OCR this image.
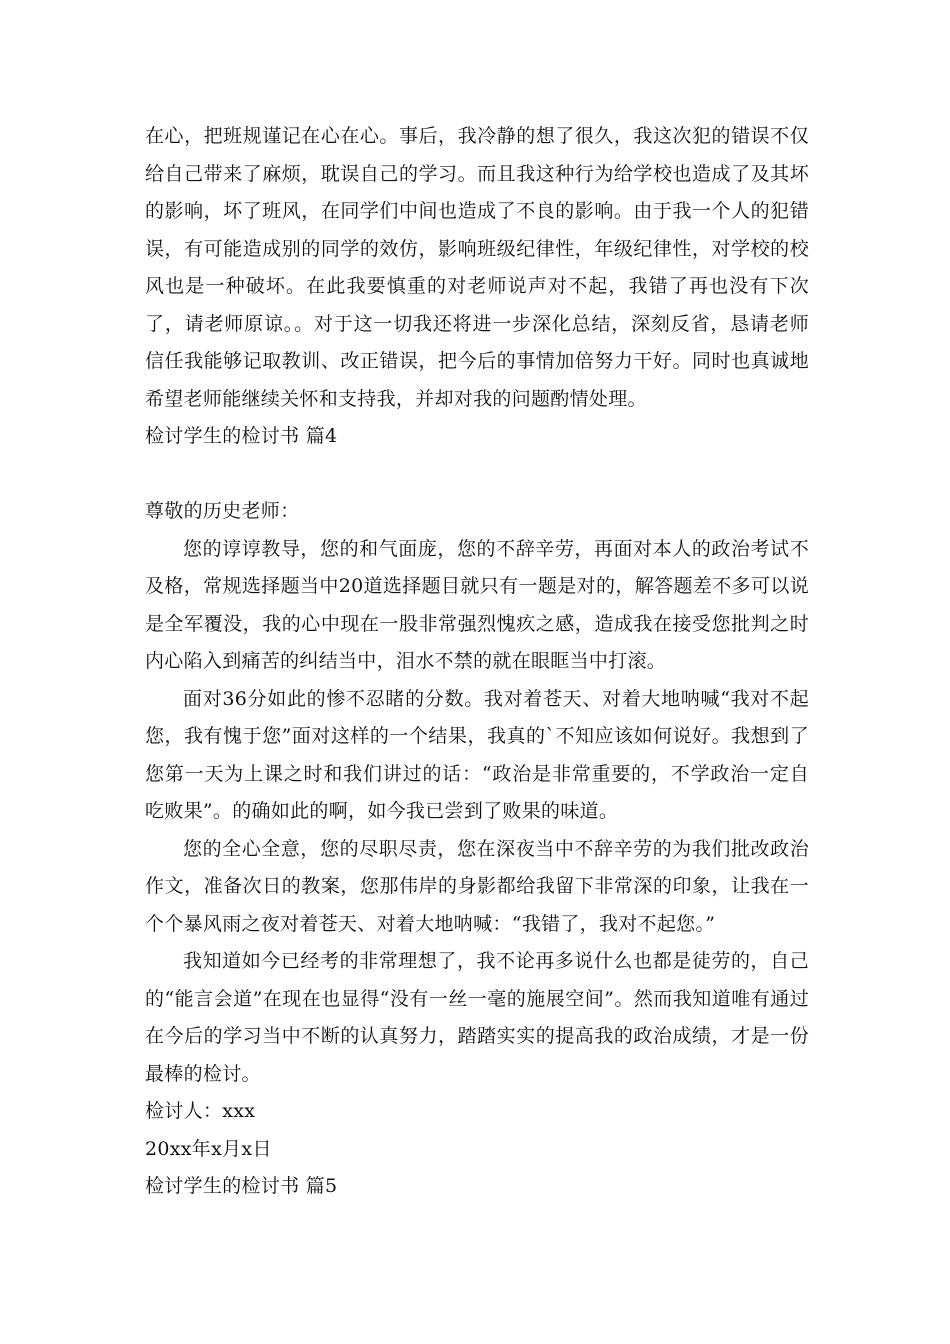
在心，把班规谨记在心在心。事后，我冷静的想了很久，我这次犯的错误不仅给自己带来了麻烦，耽误自己的学习。而且我这种行为给学校也造成了及其坏的影响，坏了班风，在同学们中间也造成了不良的影响。由于我一个人的犯错误，有可能造成别的同学的效仿，影响班级纪律性，年级纪律性，对学校的校风也是一种破坏。在此我要慎重的对老师说声对不起，我错了再也没有下次了，请老师原谅。。对于这一切我还将进一步深化总结，深刻反省，恳请老师信任我能够记取教训、改正错误，把今后的事情加倍努力干好。同时也真诚地希望老师能继续关怀和支持我，并却对我的问题酌情处理。

检讨学生的检讨书 篇4

尊敬的历史老师：

您的谆谆教导，您的和气面庞，您的不辞辛劳，再面对本人的政治考试不及格，常规选择题当中20道选择题目就只有一题是对的，解答题差不多可以说是全军覆没，我的心中现在一股非常强烈愧疚之感，造成我在接受您批判之时内心陷入到痛苦的纠结当中，泪水不禁的就在眼眶当中打滚。

面对36分如此的惨不忍睹的分数。我对着苍天、对着大地呐喊“我对不起您，我有愧于您”面对这样的一个结果，我真的`不知应该如何说好。我想到了您第一天为上课之时和我们讲过的话：“政治是非常重要的，不学政治一定自吃败果”。的确如此的啊，如今我已尝到了败果的味道。

您的全心全意，您的尽职尽责，您在深夜当中不辞辛劳的为我们批改政治作文，准备次日的教案，您那伟岸的身影都给我留下非常深的印象，让我在一个个暴风雨之夜对着苍天、对着大地呐喊：“我错了，我对不起您。”

我知道如今已经考的非常理想了，我不论再多说什么也都是徒劳的，自己的“能言会道”在现在也显得“没有一丝一毫的施展空间”。然而我知道唯有通过在今后的学习当中不断的认真努力，踏踏实实的提高我的政治成绩，才是一份最棒的检讨。

检讨人：xxx

20xx年x月x日

检讨学生的检讨书 篇5
